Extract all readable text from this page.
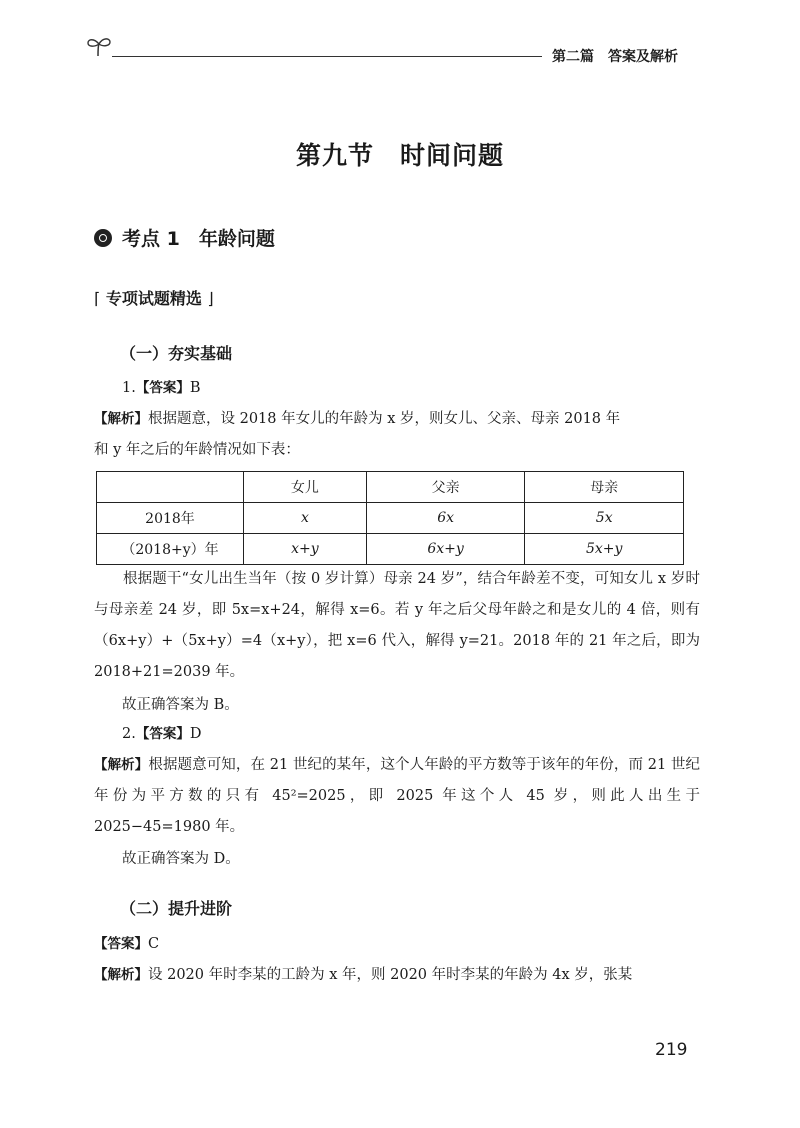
第二篇　答案及解析
第九节　时间问题
考点 1　年龄问题
⌈ 专项试题精选 ⌋
（一）夯实基础
1.【答案】B
【解析】根据题意，设 2018 年女儿的年龄为 x 岁，则女儿、父亲、母亲 2018 年
和 y 年之后的年龄情况如下表：
	女儿	父亲	母亲
2018年	x	6x	5x
（2018+y）年	x+y	6x+y	5x+y
根据题干“女儿出生当年（按 0 岁计算）母亲 24 岁”，结合年龄差不变，可知女儿 x 岁时与母亲差 24 岁，即 5x=x+24，解得 x=6。若 y 年之后父母年龄之和是女儿的 4 倍，则有（6x+y）+（5x+y）=4（x+y），把 x=6 代入，解得 y=21。2018 年的 21 年之后，即为 2018+21=2039 年。
故正确答案为 B。
2.【答案】D
【解析】根据题意可知，在 21 世纪的某年，这个人年龄的平方数等于该年的年份，而 21 世纪年份为平方数的只有 45²=2025，即 2025 年这个人 45 岁，则此人出生于 2025−45=1980 年。
故正确答案为 D。
（二）提升进阶
【答案】C
【解析】设 2020 年时李某的工龄为 x 年，则 2020 年时李某的年龄为 4x 岁，张某
219
